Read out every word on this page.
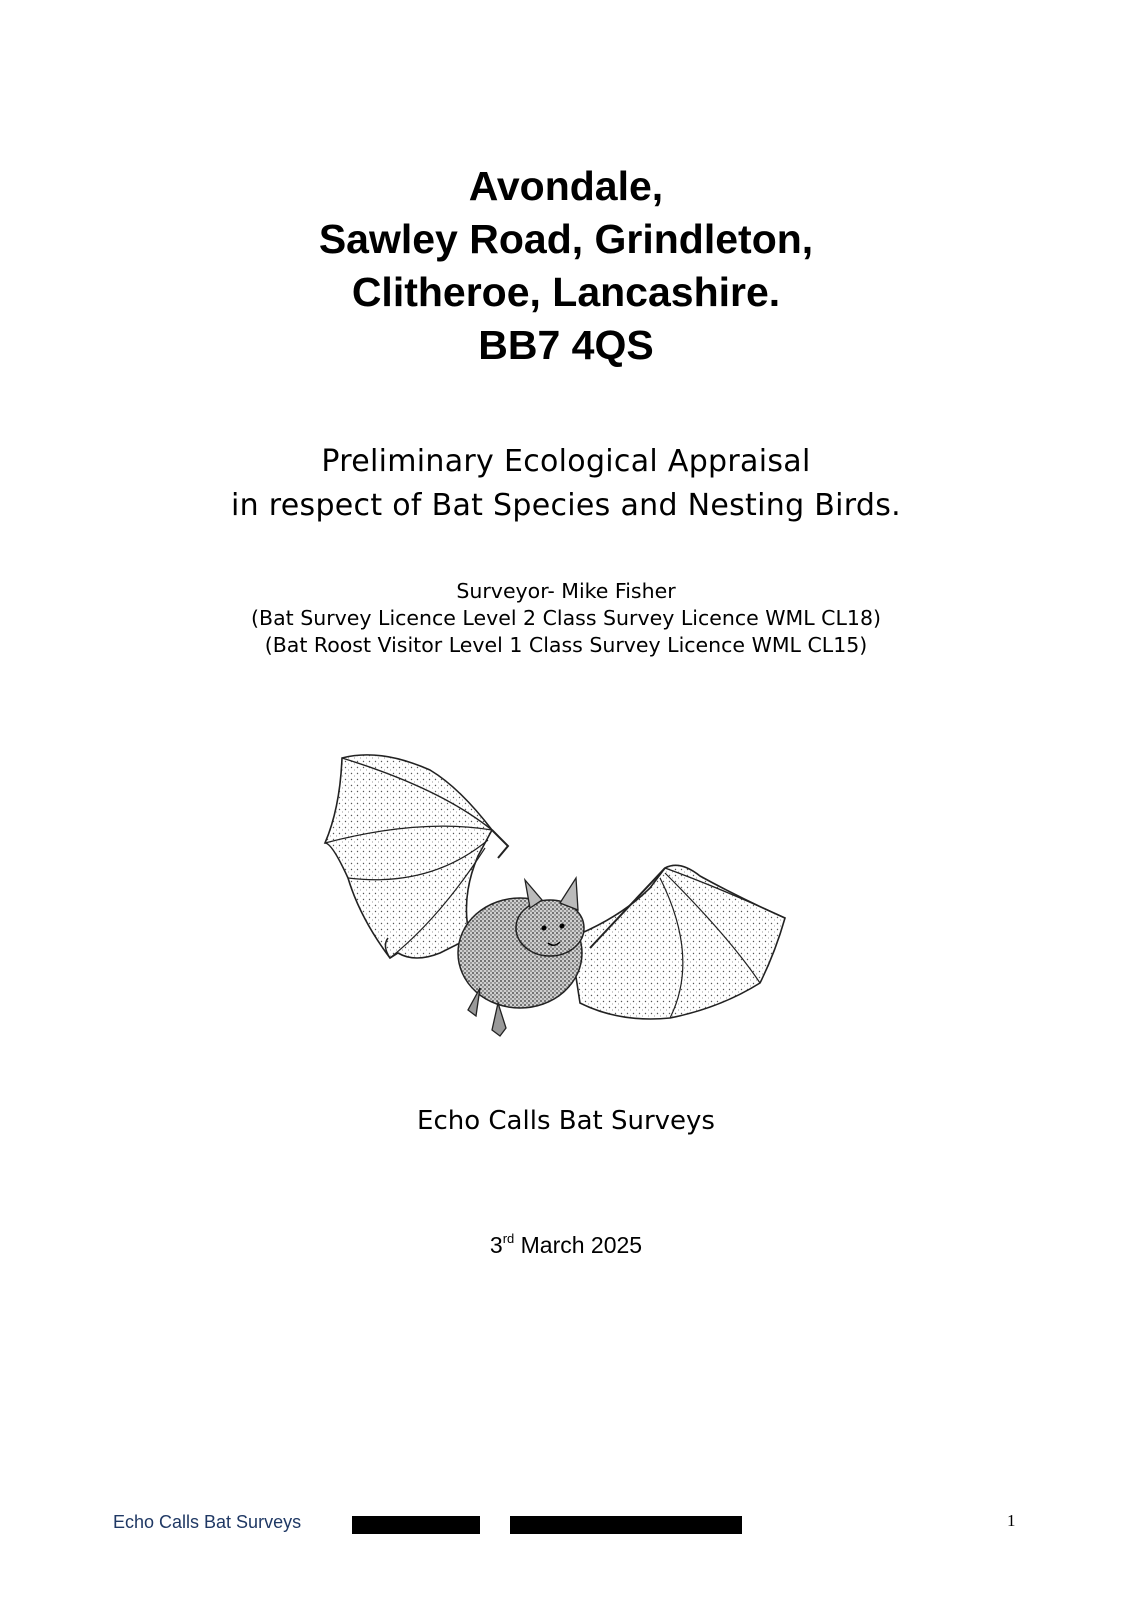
Avondale,
Sawley Road, Grindleton,
Clitheroe, Lancashire.
BB7 4QS
Preliminary Ecological Appraisal
in respect of Bat Species and Nesting Birds.
Surveyor- Mike Fisher
(Bat Survey Licence Level 2 Class Survey Licence WML CL18)
(Bat Roost Visitor Level 1 Class Survey Licence WML CL15)
Echo Calls Bat Surveys
3rd March 2025
Echo Calls Bat Surveys	1
